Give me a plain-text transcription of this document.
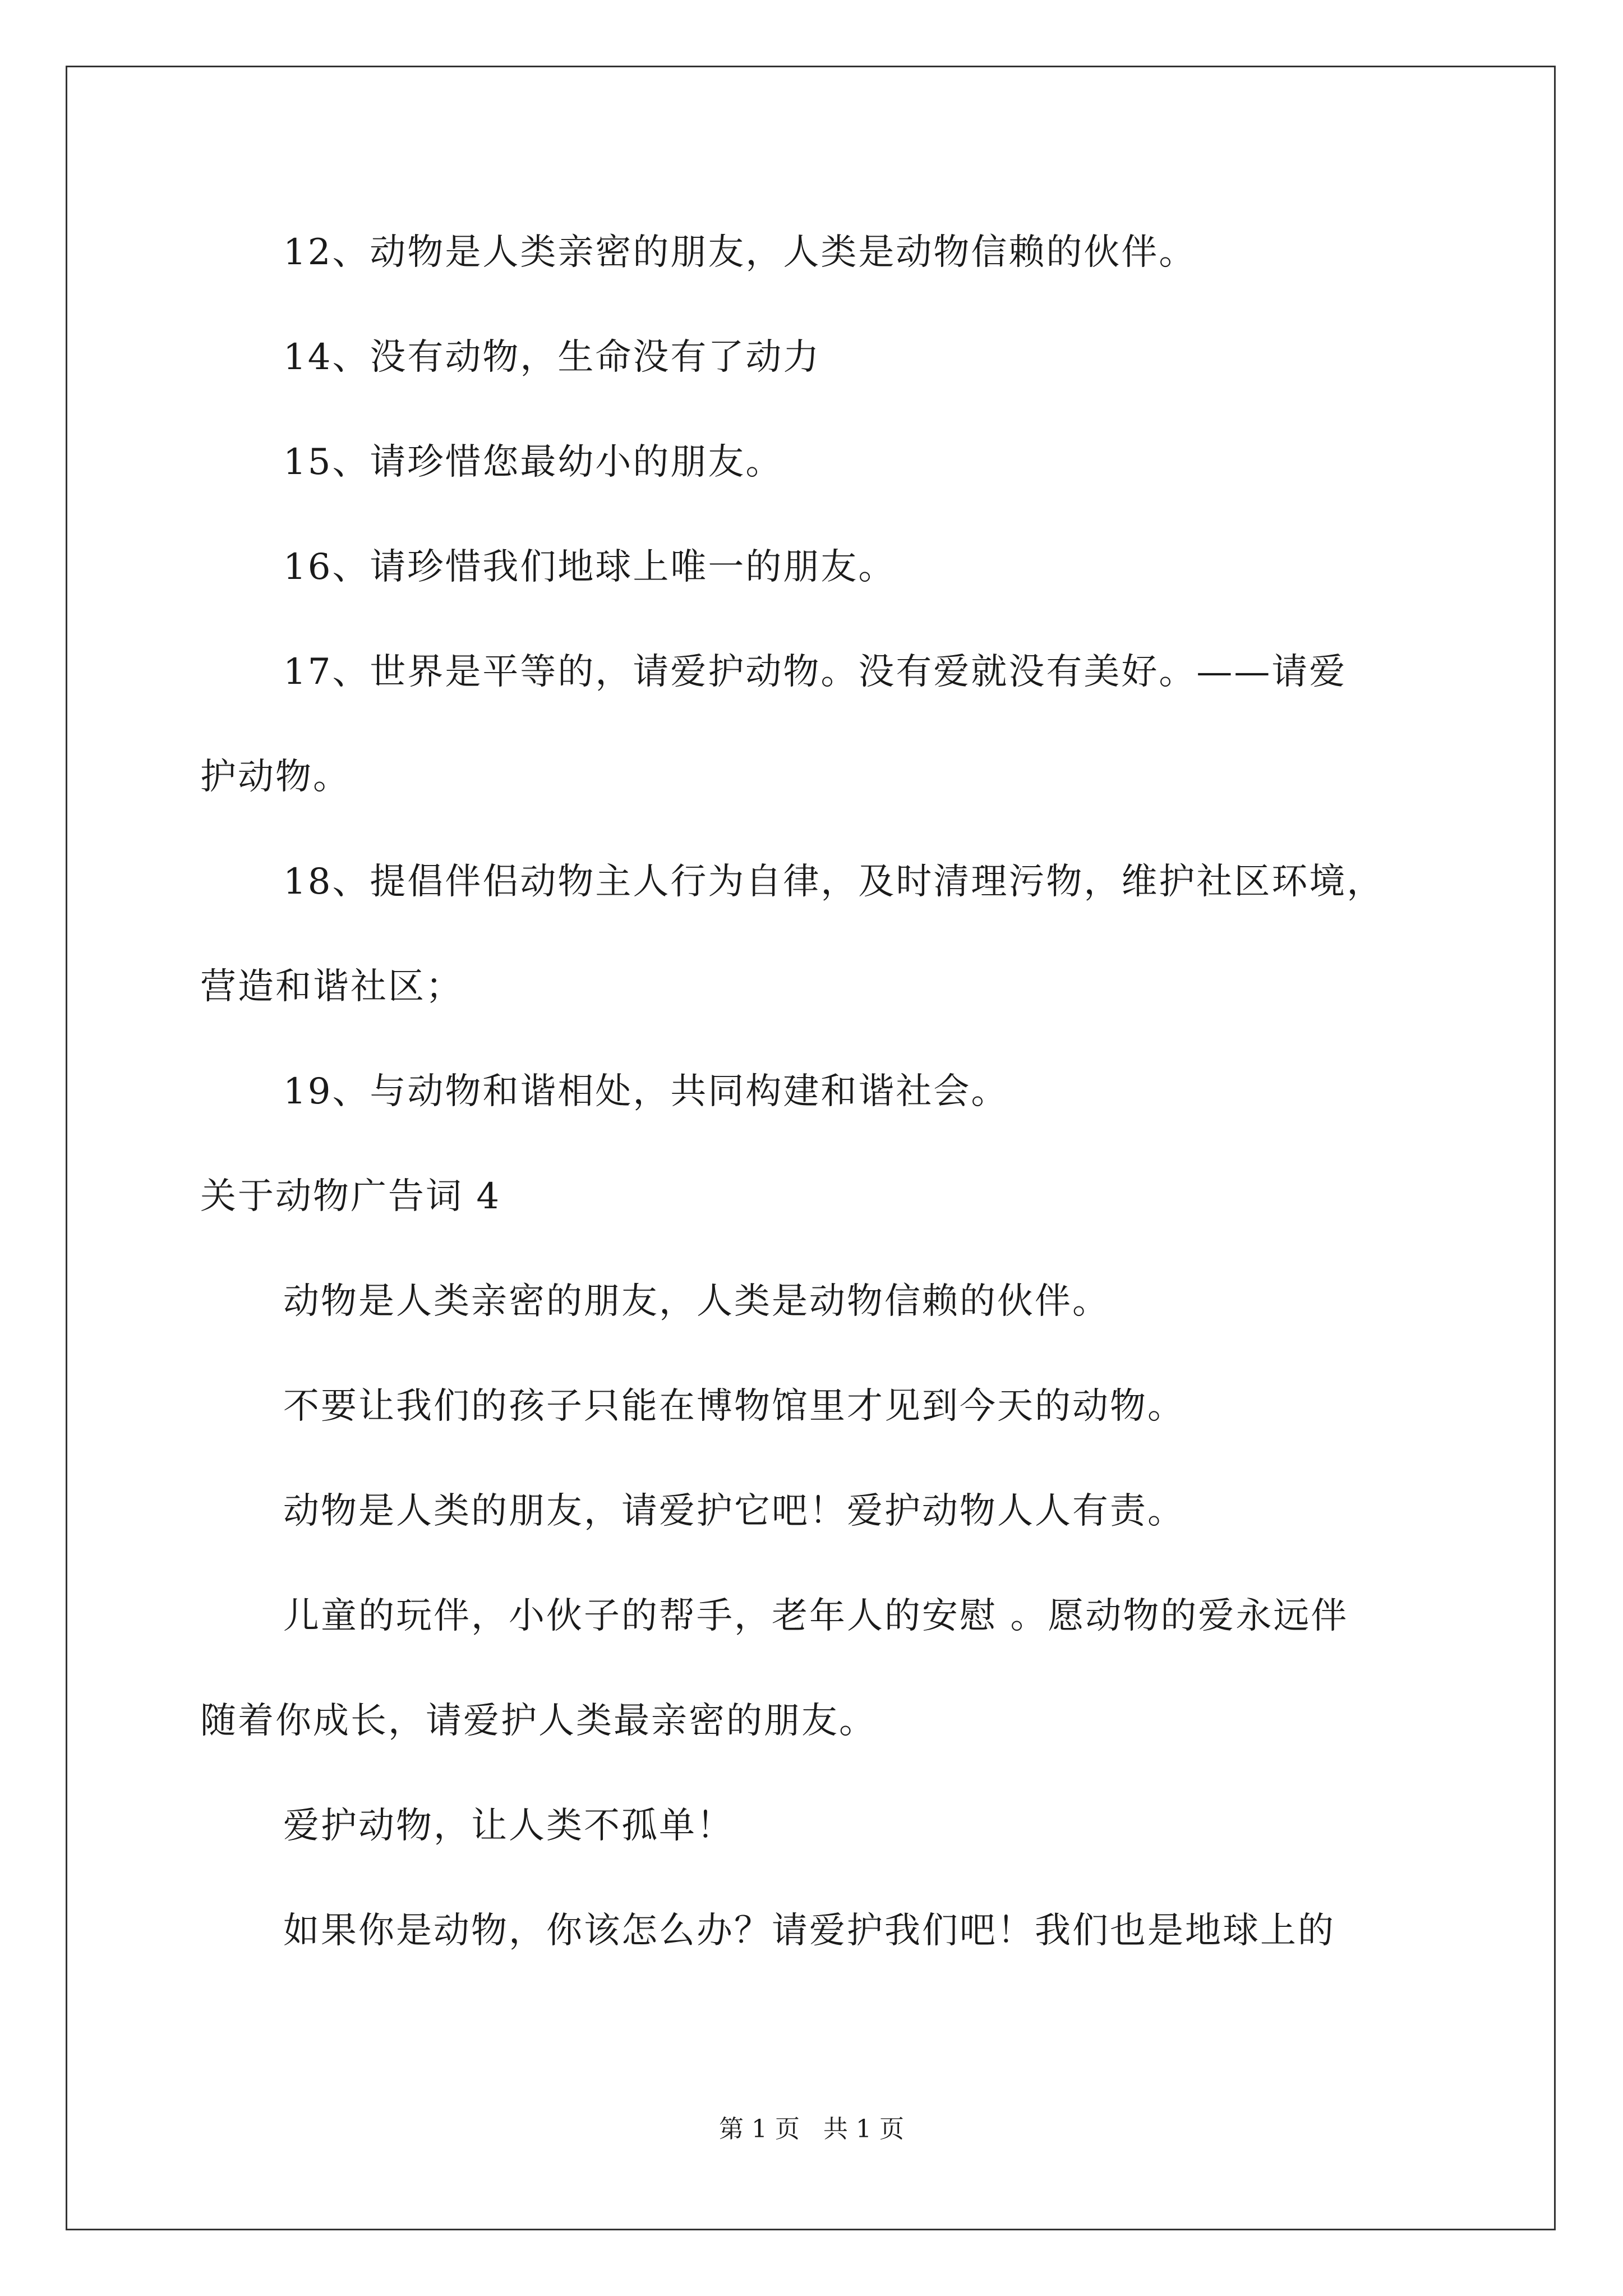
12、动物是人类亲密的朋友，人类是动物信赖的伙伴。
14、没有动物，生命没有了动力
15、请珍惜您最幼小的朋友。
16、请珍惜我们地球上唯一的朋友。
17、世界是平等的，请爱护动物。没有爱就没有美好。——请爱
护动物。
18、提倡伴侣动物主人行为自律，及时清理污物，维护社区环境，
营造和谐社区；
19、与动物和谐相处，共同构建和谐社会。
关于动物广告词 4
动物是人类亲密的朋友，人类是动物信赖的伙伴。
不要让我们的孩子只能在博物馆里才见到今天的动物。
动物是人类的朋友，请爱护它吧！爱护动物人人有责。
儿童的玩伴，小伙子的帮手，老年人的安慰 。愿动物的爱永远伴
随着你成长，请爱护人类最亲密的朋友。
爱护动物，让人类不孤单！
如果你是动物，你该怎么办？请爱护我们吧！我们也是地球上的
第 1 页   共 1 页
